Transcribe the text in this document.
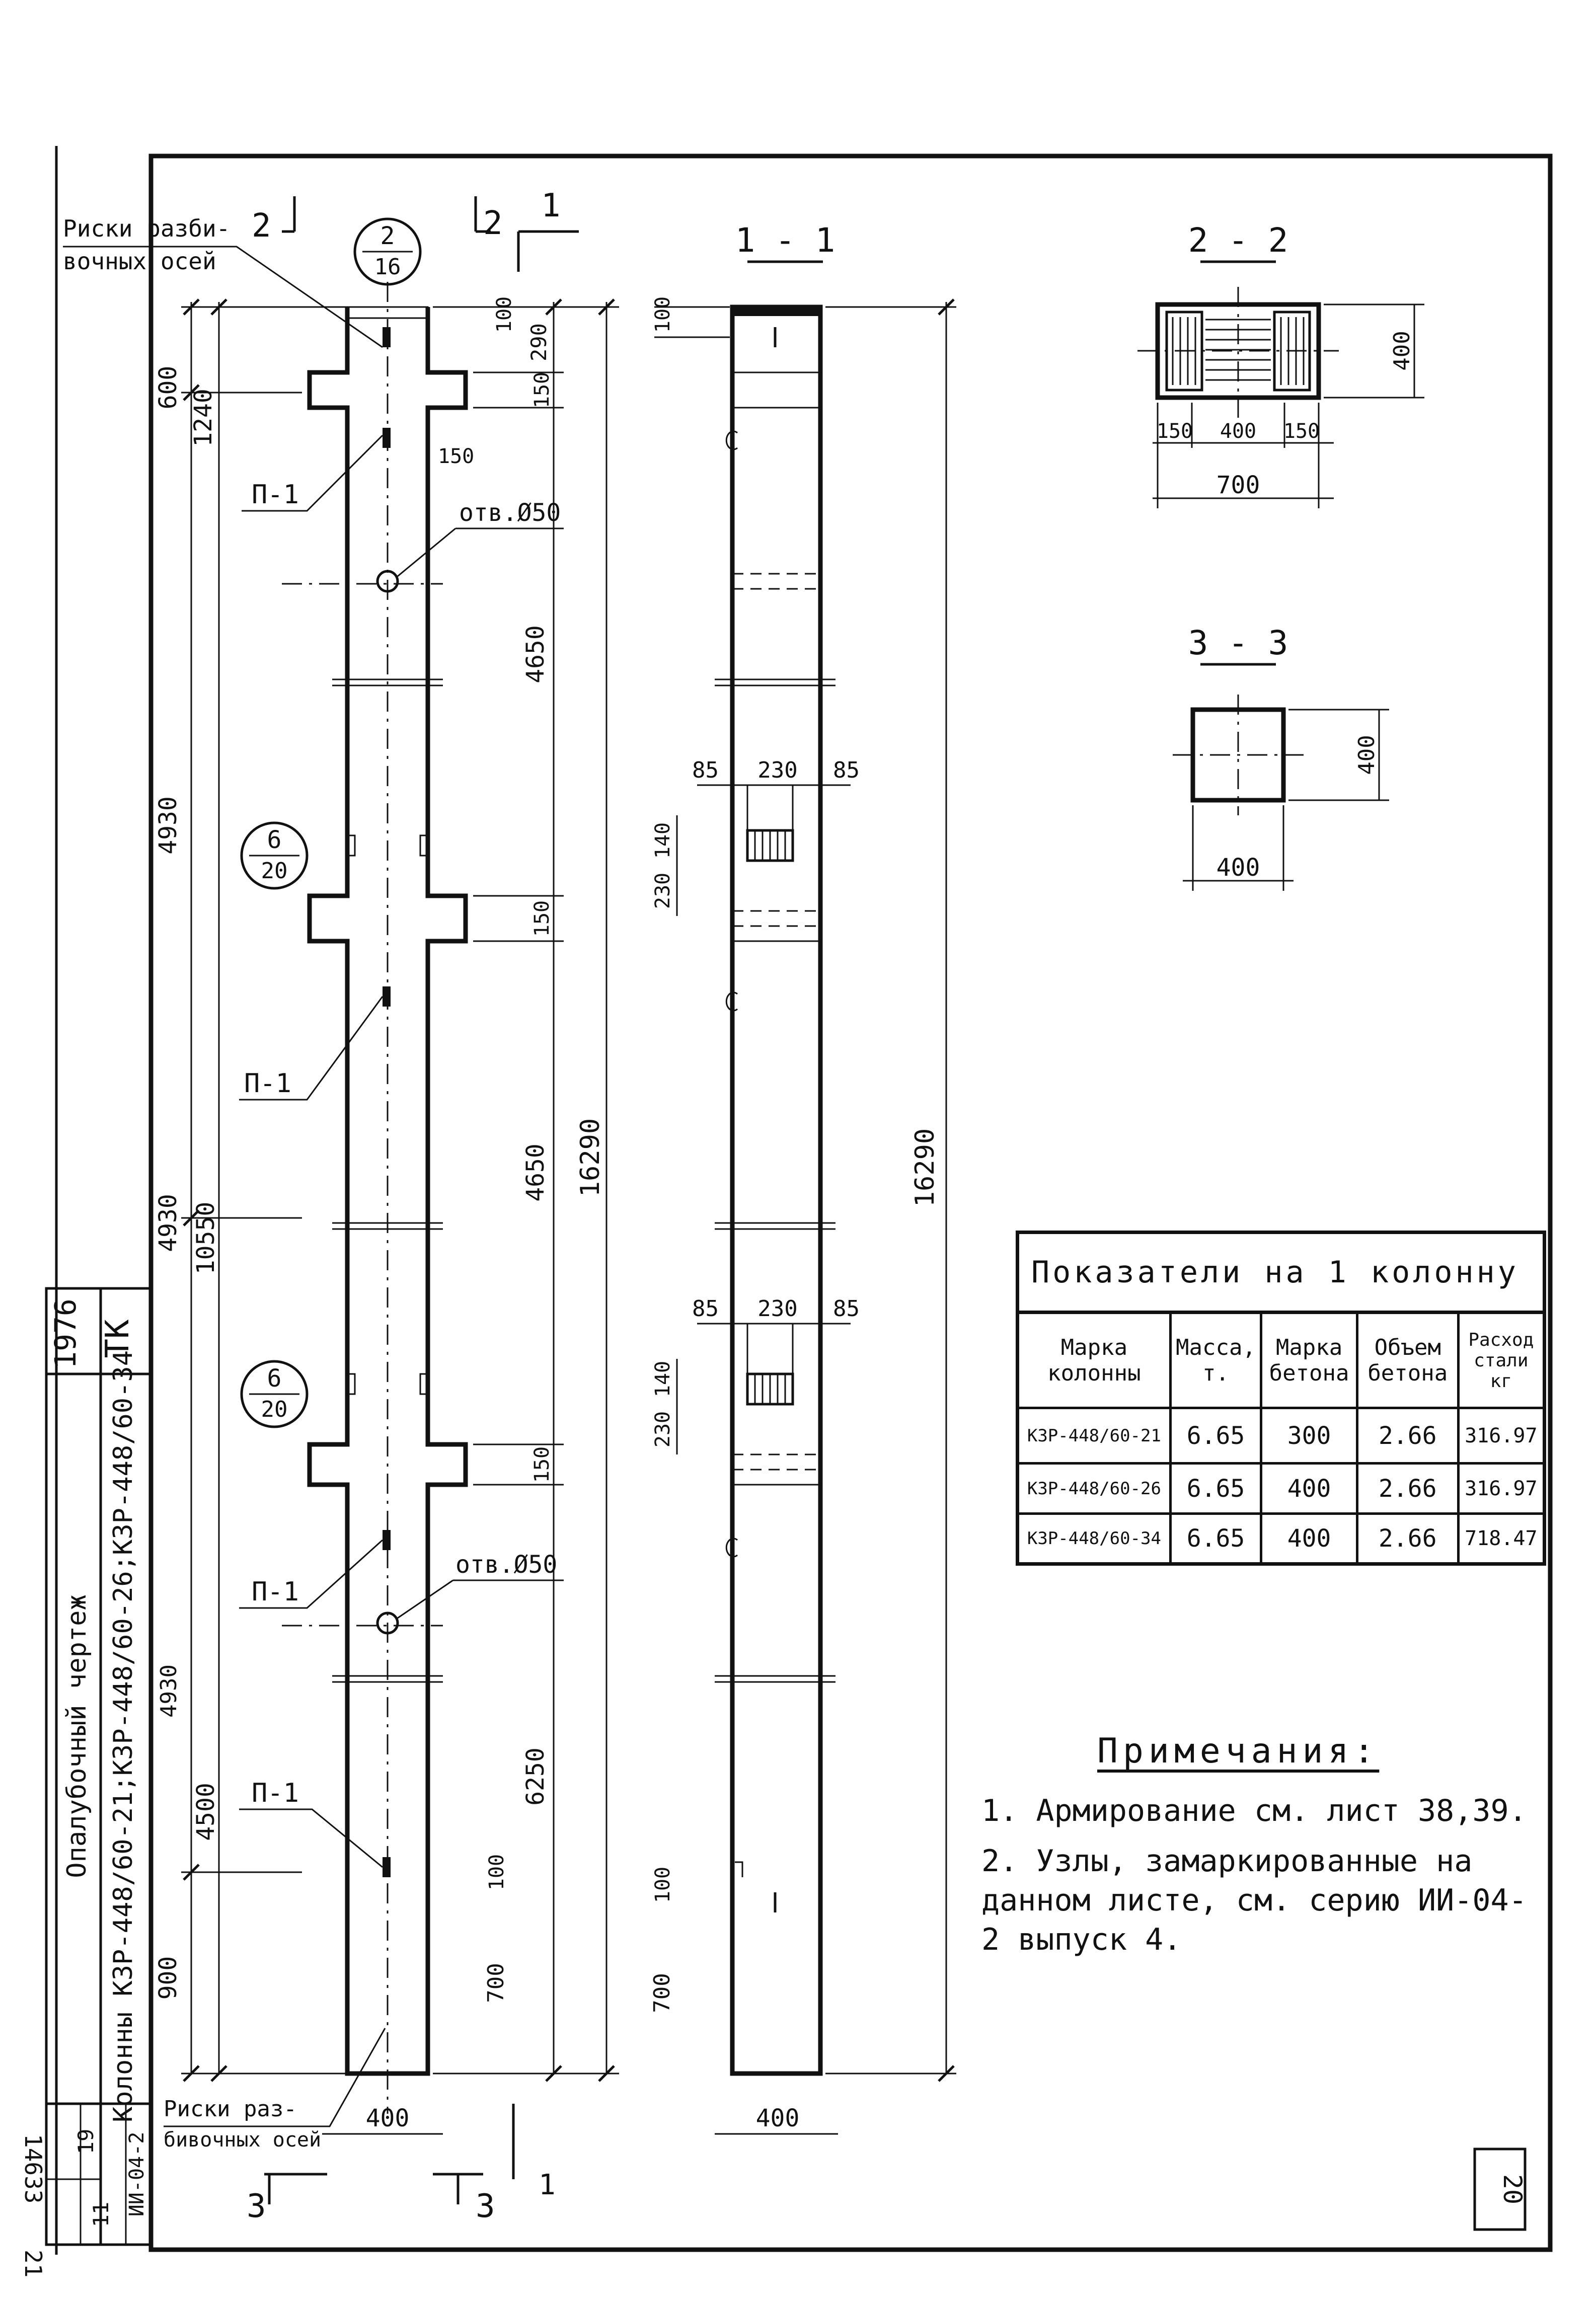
ТК
1976
Колонны К3Р-448/60-21;К3Р-448/60-26;К3Р-448/60-34
Опалубочный чертеж
ИИ-04-2
19
11
14633
21
20
600
1240
4930
4930 10550
4930
4500
900
100
290
150
150
4650
150
4650 16290
150
6250
100
700
400
Риски разби-
вочных осей
Риски раз-
бивочных осей
П-1
П-1
П-1
П-1
отв.Ø50
отв.Ø50
2
16
6
20
6
20
2	2 1
3	3
1
1 - 1
16290
100
85 230 85
140
230
85 230 85
140
230
100
700
400
2 - 2
400
150 400 150
700
3 - 3
400
400
Показатели на 1 колонну				
Марка колонны	Масса, т.	Марка бетона	Объем бетона	Расход стали кг
К3Р-448/60-21	6.65	300	2.66	316.97
К3Р-448/60-26	6.65	400	2.66	316.97
К3Р-448/60-34	6.65	400	2.66	718.47
Примечания:

1. Армирование см. лист 38,39.

2. Узлы, замаркированные на данном листе, см. серию ИИ-04-2 выпуск 4.
